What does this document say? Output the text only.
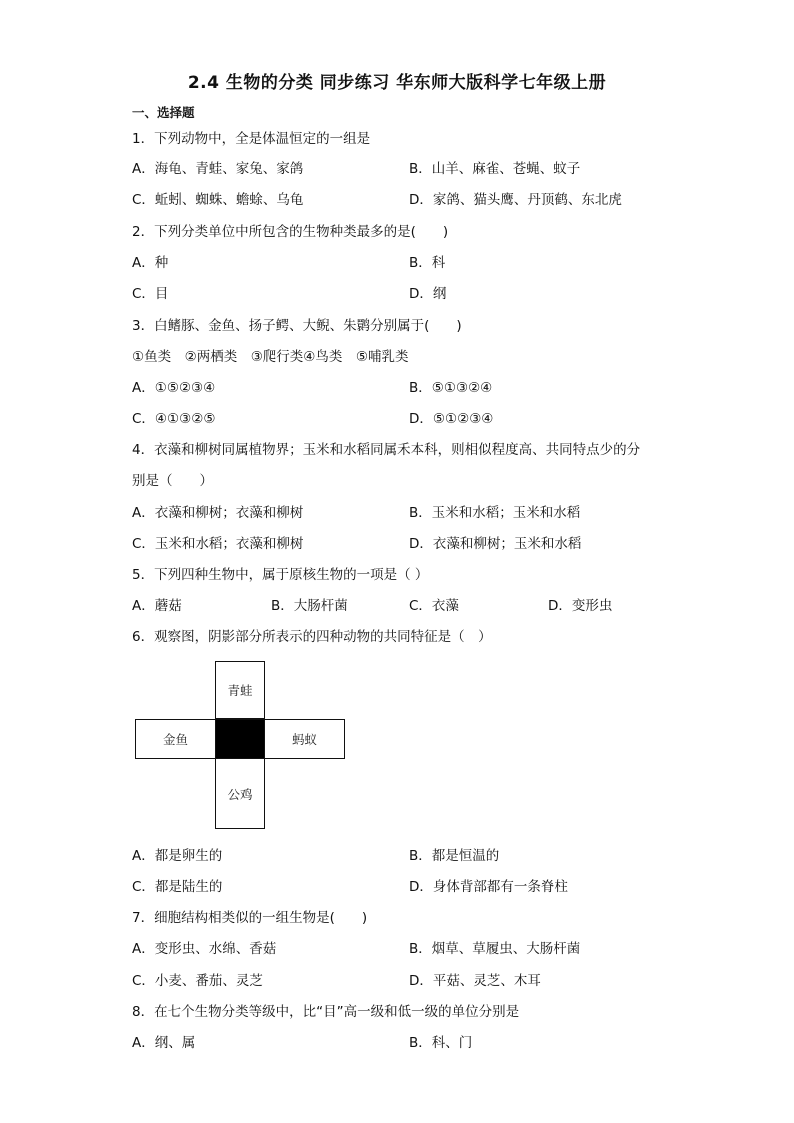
2.4 生物的分类 同步练习 华东师大版科学七年级上册
一、选择题
1．下列动物中，全是体温恒定的一组是
A．海龟、青蛙、家兔、家鸽	B．山羊、麻雀、苍蝇、蚊子
C．蚯蚓、蜘蛛、蟾蜍、乌龟	D．家鸽、猫头鹰、丹顶鹤、东北虎
2．下列分类单位中所包含的生物种类最多的是(　　)
A．种	B．科
C．目	D．纲
3．白鳍豚、金鱼、扬子鳄、大鲵、朱鹮分别属于(　　)
①鱼类　②两栖类　③爬行类④鸟类　⑤哺乳类
A．①⑤②③④	B．⑤①③②④
C．④①③②⑤	D．⑤①②③④
4．衣藻和柳树同属植物界；玉米和水稻同属禾本科，则相似程度高、共同特点少的分
别是（　　）
A．衣藻和柳树；衣藻和柳树	B．玉米和水稻；玉米和水稻
C．玉米和水稻；衣藻和柳树	D．衣藻和柳树；玉米和水稻
5．下列四种生物中，属于原核生物的一项是（ ）
A．蘑菇	B．大肠杆菌	C．衣藻	D．变形虫
6．观察图，阴影部分所表示的四种动物的共同特征是（　）
青蛙
金鱼	蚂蚁
公鸡
A．都是卵生的	B．都是恒温的
C．都是陆生的	D．身体背部都有一条脊柱
7．细胞结构相类似的一组生物是(　　)
A．变形虫、水绵、香菇	B．烟草、草履虫、大肠杆菌
C．小麦、番茄、灵芝	D．平菇、灵芝、木耳
8．在七个生物分类等级中，比“目”高一级和低一级的单位分别是
A．纲、属	B．科、门
